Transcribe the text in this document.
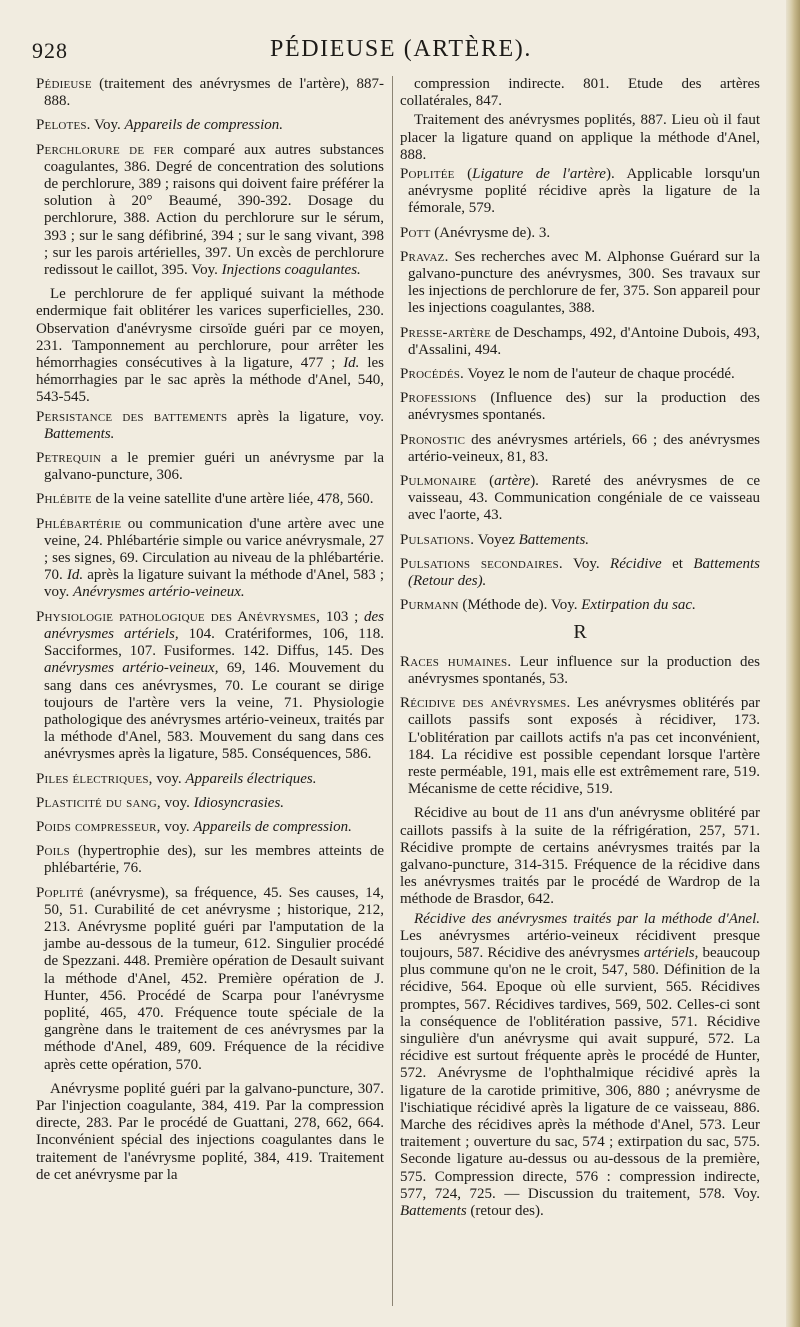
928	PÉDIEUSE (ARTÈRE).

Pédieuse (traitement des anévrysmes de l'artère), 887-888.

Pelotes. Voy. Appareils de compression.

Perchlorure de fer comparé aux autres substances coagulantes, 386. Degré de concentration des solutions de perchlorure, 389 ; raisons qui doivent faire préférer la solution à 20° Beaumé, 390-392. Dosage du perchlorure, 388. Action du perchlorure sur le sérum, 393 ; sur le sang défibriné, 394 ; sur le sang vivant, 398 ; sur les parois artérielles, 397. Un excès de perchlorure redissout le caillot, 395. Voy. Injections coagulantes.

Le perchlorure de fer appliqué suivant la méthode endermique fait oblitérer les varices superficielles, 230. Observation d'anévrysme cirsoïde guéri par ce moyen, 231. Tamponnement au perchlorure, pour arrêter les hémorrhagies consécutives à la ligature, 477 ; Id. les hémorrhagies par le sac après la méthode d'Anel, 540, 543-545.

Persistance des battements après la ligature, voy. Battements.

Petrequin a le premier guéri un anévrysme par la galvano-puncture, 306.

Phlébite de la veine satellite d'une artère liée, 478, 560.

Phlébartérie ou communication d'une artère avec une veine, 24. Phlébartérie simple ou varice anévrysmale, 27 ; ses signes, 69. Circulation au niveau de la phlébartérie. 70. Id. après la ligature suivant la méthode d'Anel, 583 ; voy. Anévrysmes artério-veineux.

Physiologie pathologique des Anévrysmes, 103 ; des anévrysmes artériels, 104. Cratériformes, 106, 118. Sacciformes, 107. Fusiformes. 142. Diffus, 145. Des anévrysmes artério-veineux, 69, 146. Mouvement du sang dans ces anévrysmes, 70. Le courant se dirige toujours de l'artère vers la veine, 71. Physiologie pathologique des anévrysmes artério-veineux, traités par la méthode d'Anel, 583. Mouvement du sang dans ces anévrysmes après la ligature, 585. Conséquences, 586.

Piles électriques, voy. Appareils électriques.

Plasticité du sang, voy. Idiosyncrasies.

Poids compresseur, voy. Appareils de compression.

Poils (hypertrophie des), sur les membres atteints de phlébartérie, 76.

Poplité (anévrysme), sa fréquence, 45. Ses causes, 14, 50, 51. Curabilité de cet anévrysme ; historique, 212, 213. Anévrysme poplité guéri par l'amputation de la jambe au-dessous de la tumeur, 612. Singulier procédé de Spezzani. 448. Première opération de Desault suivant la méthode d'Anel, 452. Première opération de J. Hunter, 456. Procédé de Scarpa pour l'anévrysme poplité, 465, 470. Fréquence toute spéciale de la gangrène dans le traitement de ces anévrysmes par la méthode d'Anel, 489, 609. Fréquence de la récidive après cette opération, 570.

Anévrysme poplité guéri par la galvano-puncture, 307. Par l'injection coagulante, 384, 419. Par la compression directe, 283. Par le procédé de Guattani, 278, 662, 664. Inconvénient spécial des injections coagulantes dans le traitement de l'anévrysme poplité, 384, 419. Traitement de cet anévrysme par la

compression indirecte. 801. Etude des artères collatérales, 847.

Traitement des anévrysmes poplités, 887. Lieu où il faut placer la ligature quand on applique la méthode d'Anel, 888.

Poplitée (Ligature de l'artère). Applicable lorsqu'un anévrysme poplité récidive après la ligature de la fémorale, 579.

Pott (Anévrysme de). 3.

Pravaz. Ses recherches avec M. Alphonse Guérard sur la galvano-puncture des anévrysmes, 300. Ses travaux sur les injections de perchlorure de fer, 375. Son appareil pour les injections coagulantes, 388.

Presse-artère de Deschamps, 492, d'Antoine Dubois, 493, d'Assalini, 494.

Procédés. Voyez le nom de l'auteur de chaque procédé.

Professions (Influence des) sur la production des anévrysmes spontanés.

Pronostic des anévrysmes artériels, 66 ; des anévrysmes artério-veineux, 81, 83.

Pulmonaire (artère). Rareté des anévrysmes de ce vaisseau, 43. Communication congéniale de ce vaisseau avec l'aorte, 43.

Pulsations. Voyez Battements.

Pulsations secondaires. Voy. Récidive et Battements (Retour des).

Purmann (Méthode de). Voy. Extirpation du sac.

R

Races humaines. Leur influence sur la production des anévrysmes spontanés, 53.

Récidive des anévrysmes. Les anévrysmes oblitérés par caillots passifs sont exposés à récidiver, 173. L'oblitération par caillots actifs n'a pas cet inconvénient, 184. La récidive est possible cependant lorsque l'artère reste perméable, 191, mais elle est extrêmement rare, 519. Mécanisme de cette récidive, 519.

Récidive au bout de 11 ans d'un anévrysme oblitéré par caillots passifs à la suite de la réfrigération, 257, 571. Récidive prompte de certains anévrysmes traités par la galvano-puncture, 314-315. Fréquence de la récidive dans les anévrysmes traités par le procédé de Wardrop de la méthode de Brasdor, 642.

Récidive des anévrysmes traités par la méthode d'Anel. Les anévrysmes artério-veineux récidivent presque toujours, 587. Récidive des anévrysmes artériels, beaucoup plus commune qu'on ne le croit, 547, 580. Définition de la récidive, 564. Epoque où elle survient, 565. Récidives promptes, 567. Récidives tardives, 569, 502. Celles-ci sont la conséquence de l'oblitération passive, 571. Récidive singulière d'un anévrysme qui avait suppuré, 572. La récidive est surtout fréquente après le procédé de Hunter, 572. Anévrysme de l'ophthalmique récidivé après la ligature de la carotide primitive, 306, 880 ; anévrysme de l'ischiatique récidivé après la ligature de ce vaisseau, 886. Marche des récidives après la méthode d'Anel, 573. Leur traitement ; ouverture du sac, 574 ; extirpation du sac, 575. Seconde ligature au-dessus ou au-dessous de la première, 575. Compression directe, 576 : compression indirecte, 577, 724, 725. — Discussion du traitement, 578. Voy. Battements (retour des).
